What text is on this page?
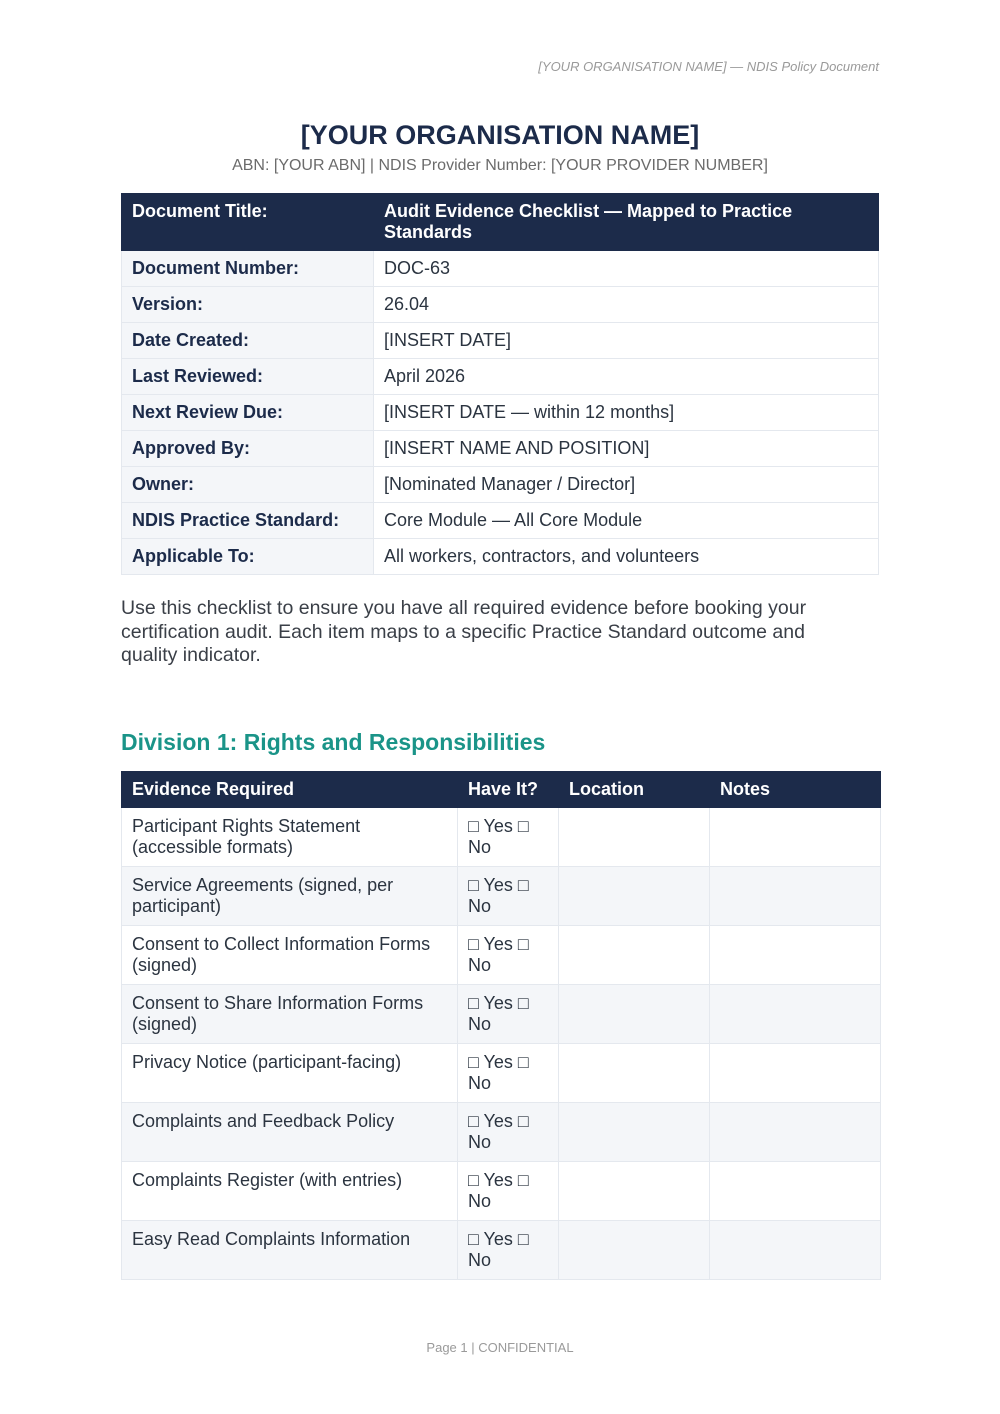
[YOUR ORGANISATION NAME] — NDIS Policy Document
[YOUR ORGANISATION NAME]
ABN: [YOUR ABN] | NDIS Provider Number: [YOUR PROVIDER NUMBER]
Document Title:	Audit Evidence Checklist — Mapped to Practice Standards
Document Number:	DOC-63
Version:	26.04
Date Created:	[INSERT DATE]
Last Reviewed:	April 2026
Next Review Due:	[INSERT DATE — within 12 months]
Approved By:	[INSERT NAME AND POSITION]
Owner:	[Nominated Manager / Director]
NDIS Practice Standard:	Core Module — All Core Module
Applicable To:	All workers, contractors, and volunteers

Use this checklist to ensure you have all required evidence before booking your certification audit. Each item maps to a specific Practice Standard outcome and quality indicator.

Division 1: Rights and Responsibilities
Evidence Required	Have It?	Location	Notes
Participant Rights Statement (accessible formats)	□ Yes □ No		
Service Agreements (signed, per participant)	□ Yes □ No		
Consent to Collect Information Forms (signed)	□ Yes □ No		
Consent to Share Information Forms (signed)	□ Yes □ No		
Privacy Notice (participant-facing)	□ Yes □ No		
Complaints and Feedback Policy	□ Yes □ No		
Complaints Register (with entries)	□ Yes □ No		
Easy Read Complaints Information	□ Yes □ No		
Page 1 | CONFIDENTIAL
